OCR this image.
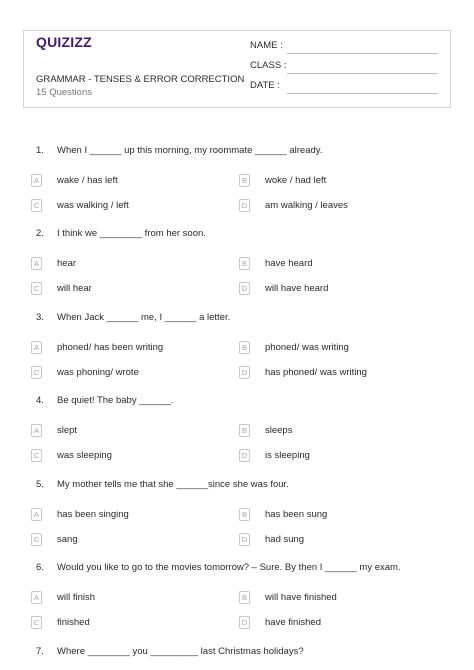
QUIZIZZ
GRAMMAR - TENSES & ERROR CORRECTION
15 Questions
NAME :
CLASS :
DATE :
1.	When I ______ up this morning, my roommate ______ already.
A	wake / has left	B	woke / had left
C was walking / left	D am walking / leaves
2.	I think we ________ from her soon.
A	hear	B	have heard
C will hear	D will have heard
3.	When Jack ______ me, I ______ a letter.
A	phoned/ has been writing	B	phoned/ was writing
C was phoning/ wrote	D has phoned/ was writing
4.	Be quiet! The baby ______.
A	slept	B	sleeps
C was sleeping	D is sleeping
5.	My mother tells me that she ______since she was four.
A	has been singing	B	has been sung
C sang	D had sung
6.	Would you like to go to the movies tomorrow? – Sure. By then I ______ my exam.
A	will finish	B	will have finished
C finished	D have finished
7.	Where ________ you _________ last Christmas holidays?
